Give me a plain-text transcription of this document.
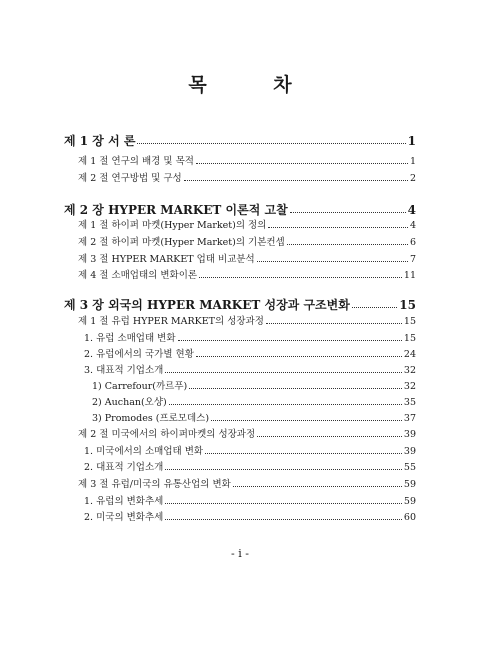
목 차
제 1 장 서 론	1
제 1 절 연구의 배경 및 목적	1
제 2 절 연구방법 및 구성	2
제 2 장 HYPER MARKET 이론적 고찰	4
제 1 절 하이퍼 마켓(Hyper Market)의 정의	4
제 2 절 하이퍼 마켓(Hyper Market)의 기본컨셉	6
제 3 절 HYPER MARKET 업태 비교분석	7
제 4 절 소매업태의 변화이론	11
제 3 장 외국의 HYPER MARKET 성장과 구조변화	15
제 1 절 유럽 HYPER MARKET의 성장과정	15
1. 유럽 소매업태 변화	15
2. 유럽에서의 국가별 현황	24
3. 대표적 기업소개	32
1) Carrefour(까르푸)	32
2) Auchan(오샹)	35
3) Promodes (프로모데스)	37
제 2 절 미국에서의 하이퍼마켓의 성장과정	39
1. 미국에서의 소매업태 변화	39
2. 대표적 기업소개	55
제 3 절 유럽/미국의 유통산업의 변화	59
1. 유럽의 변화추세	59
2. 미국의 변화추세	60
- i -
